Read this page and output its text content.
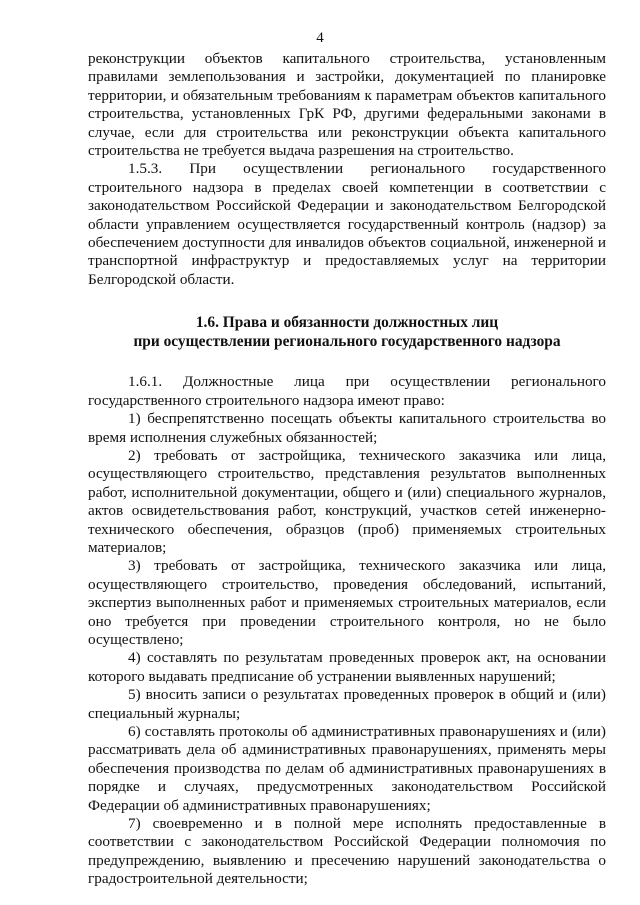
4

реконструкции объектов капитального строительства, установленным правилами землепользования и застройки, документацией по планировке территории, и обязательным требованиям к параметрам объектов капитального строительства, установленных ГрК РФ, другими федеральными законами в случае, если для строительства или реконструкции объекта капитального строительства не требуется выдача разрешения на строительство.

1.5.3. При осуществлении регионального государственного строительного надзора в пределах своей компетенции в соответствии с законодательством Российской Федерации и законодательством Белгородской области управлением осуществляется государственный контроль (надзор) за обеспечением доступности для инвалидов объектов социальной, инженерной и транспортной инфраструктур и предоставляемых услуг на территории Белгородской области.

1.6. Права и обязанности должностных лиц
при осуществлении регионального государственного надзора

1.6.1. Должностные лица при осуществлении регионального государственного строительного надзора имеют право:

1) беспрепятственно посещать объекты капитального строительства во время исполнения служебных обязанностей;

2) требовать от застройщика, технического заказчика или лица, осуществляющего строительство, представления результатов выполненных работ, исполнительной документации, общего и (или) специального журналов, актов освидетельствования работ, конструкций, участков сетей инженерно-технического обеспечения, образцов (проб) применяемых строительных материалов;

3) требовать от застройщика, технического заказчика или лица, осуществляющего строительство, проведения обследований, испытаний, экспертиз выполненных работ и применяемых строительных материалов, если оно требуется при проведении строительного контроля, но не было осуществлено;

4) составлять по результатам проведенных проверок акт, на основании которого выдавать предписание об устранении выявленных нарушений;

5) вносить записи о результатах проведенных проверок в общий и (или) специальный журналы;

6) составлять протоколы об административных правонарушениях и (или) рассматривать дела об административных правонарушениях, применять меры обеспечения производства по делам об административных правонарушениях в порядке и случаях, предусмотренных законодательством Российской Федерации об административных правонарушениях;

7) своевременно и в полной мере исполнять предоставленные в соответствии с законодательством Российской Федерации полномочия по предупреждению, выявлению и пресечению нарушений законодательства о градостроительной деятельности;
